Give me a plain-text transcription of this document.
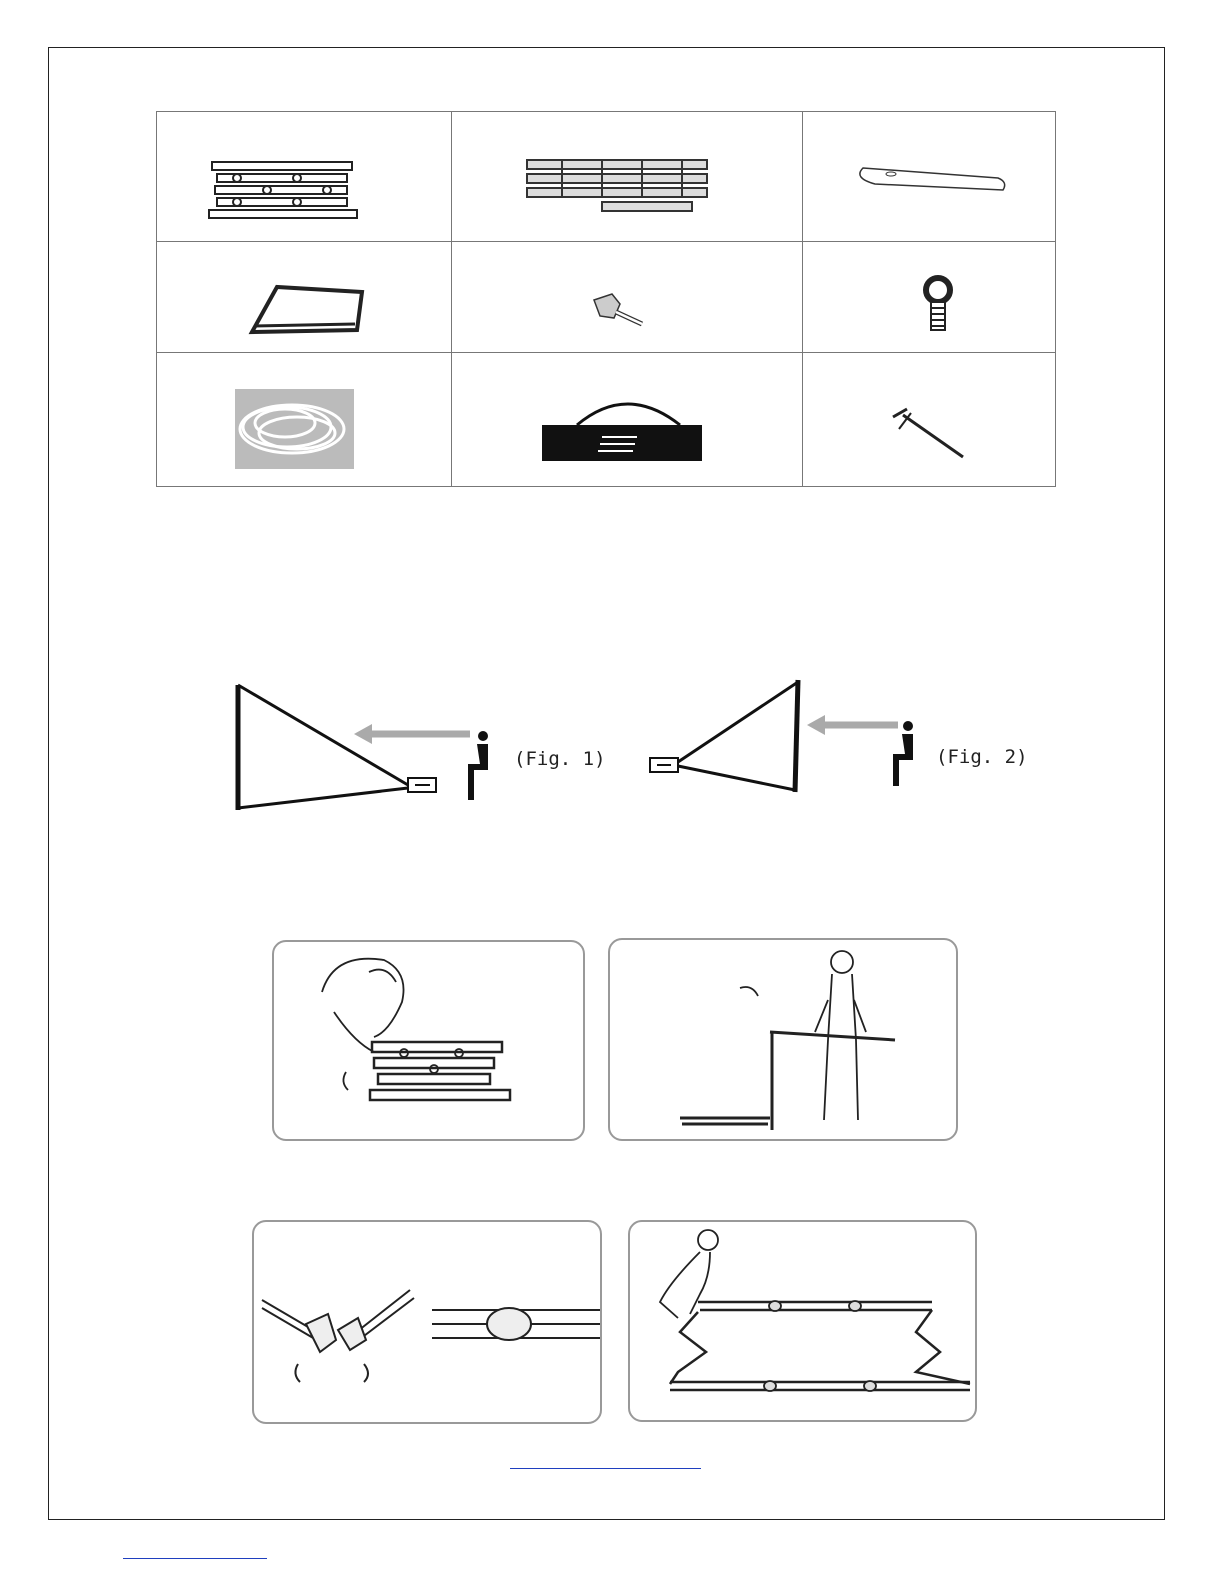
(Fig. 1)	(Fig. 2)
